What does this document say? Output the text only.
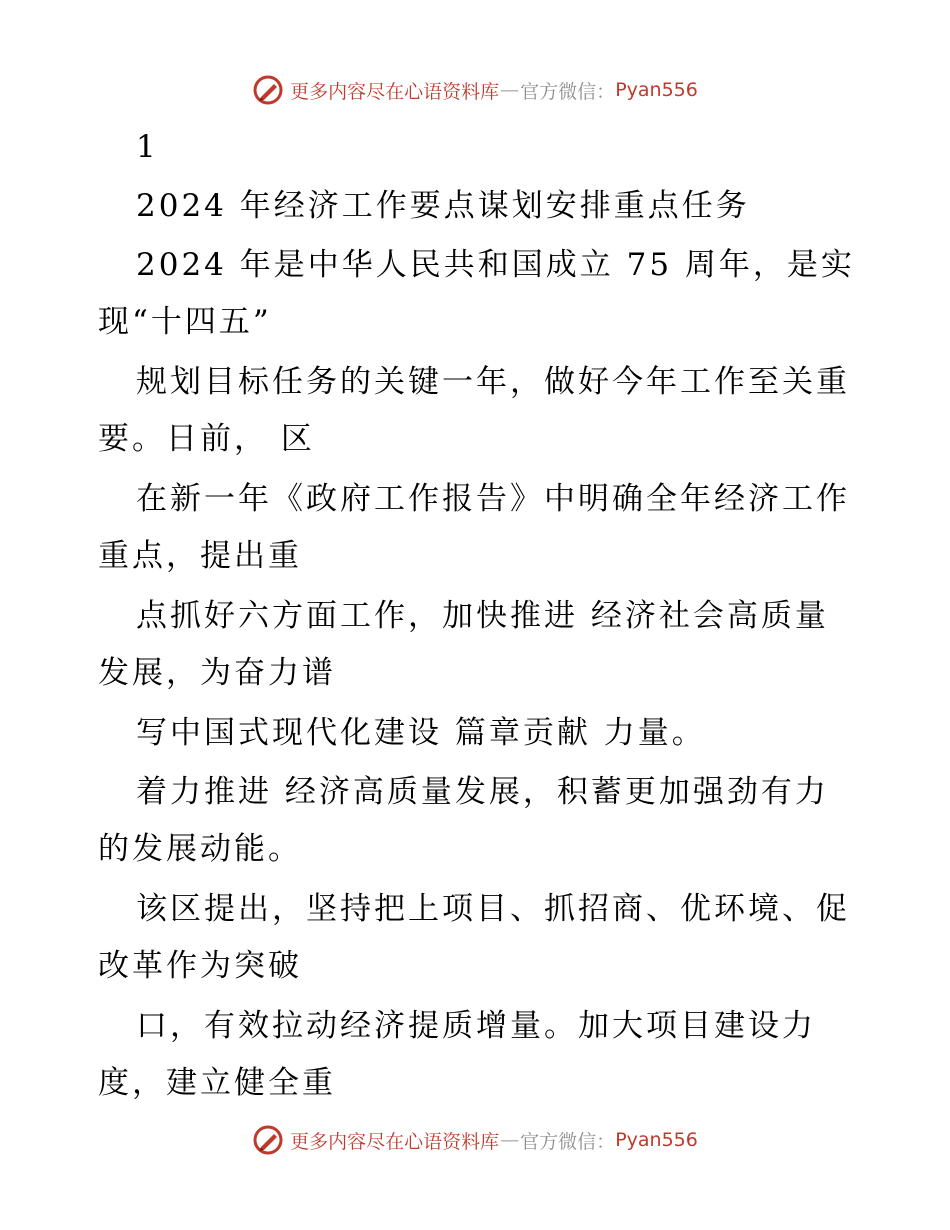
更多内容尽在心语资料库 — 官方微信： Pyan556
1
2024 年经济工作要点谋划安排重点任务
2024 年是中华人民共和国成立 75 周年，是实
现“十四五”
规划目标任务的关键一年，做好今年工作至关重
要。日前， 区
在新一年《政府工作报告》中明确全年经济工作
重点，提出重
点抓好六方面工作，加快推进 经济社会高质量
发展，为奋力谱
写中国式现代化建设 篇章贡献 力量。
着力推进 经济高质量发展，积蓄更加强劲有力
的发展动能。
该区提出，坚持把上项目、抓招商、优环境、促
改革作为突破
口，有效拉动经济提质增量。加大项目建设力
度，建立健全重
更多内容尽在心语资料库 — 官方微信： Pyan556
